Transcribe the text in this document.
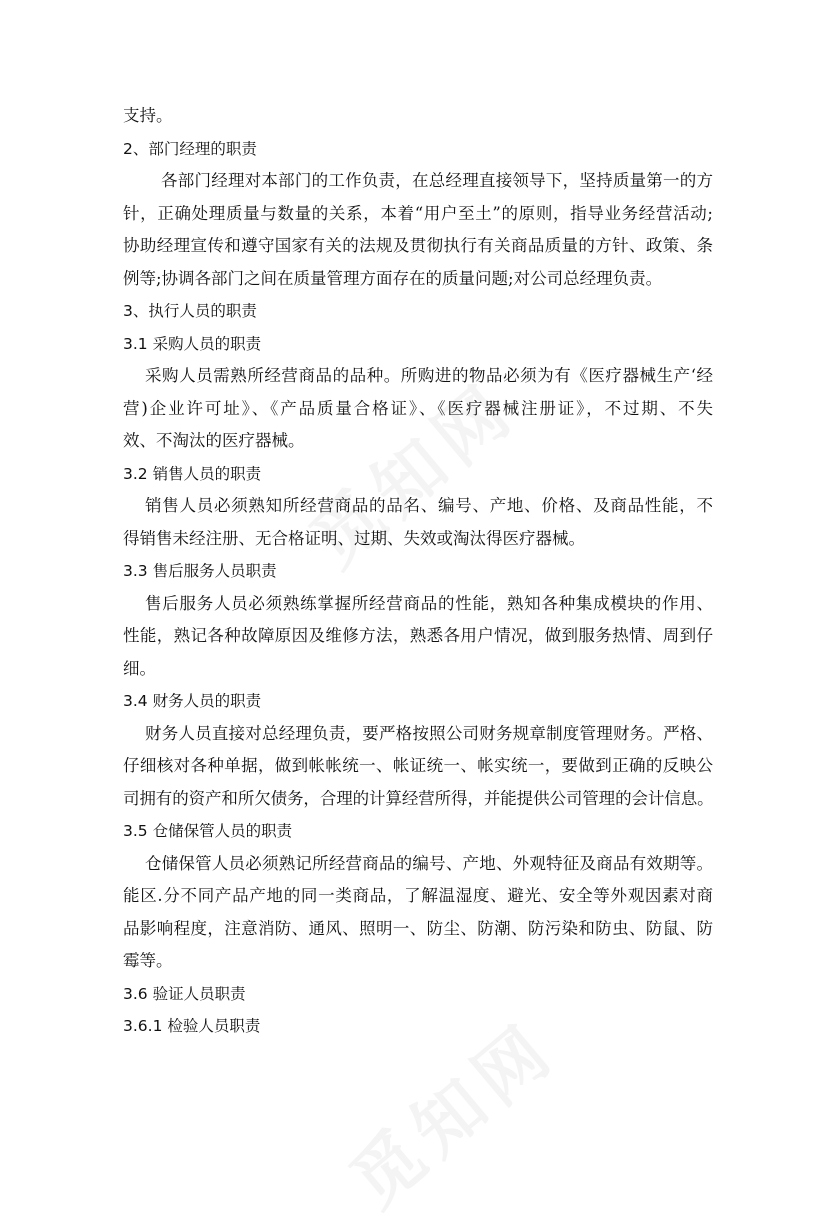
支持。
2、部门经理的职责
各部门经理对本部门的工作负责，在总经理直接领导下，坚持质量第一的方
针，正确处理质量与数量的关系，本着“用户至土”的原则，指导业务经营活动;
协助经理宣传和遵守国家有关的法规及贯彻执行有关商品质量的方针、政策、条
例等;协调各部门之间在质量管理方面存在的质量问题;对公司总经理负责。
3、执行人员的职责
3.1 采购人员的职责
采购人员需熟所经营商品的品种。所购进的物品必须为有《医疗器械生产‘经
营)企业许可址》、《产品质量合格证》、《医疗器械注册证》，不过期、不失
效、不淘汰的医疗器械。
3.2 销售人员的职责
销售人员必须熟知所经营商品的品名、编号、产地、价格、及商品性能，不
得销售未经注册、无合格证明、过期、失效或淘汰得医疗器械。
3.3 售后服务人员职责
售后服务人员必须熟练掌握所经营商品的性能，熟知各种集成模块的作用、
性能，熟记各种故障原因及维修方法，熟悉各用户情况，做到服务热情、周到仔
细。
3.4 财务人员的职责
财务人员直接对总经理负责，要严格按照公司财务规章制度管理财务。严格、
仔细核对各种单据，做到帐帐统一、帐证统一、帐实统一，要做到正确的反映公
司拥有的资产和所欠债务，合理的计算经营所得，并能提供公司管理的会计信息。
3.5 仓储保管人员的职责
仓储保管人员必须熟记所经营商品的编号、产地、外观特征及商品有效期等。
能区.分不同产品产地的同一类商品，了解温湿度、避光、安全等外观因素对商
品影响程度，注意消防、通风、照明一、防尘、防潮、防污染和防虫、防鼠、防
霉等。
3.6 验证人员职责
3.6.1 检验人员职责
